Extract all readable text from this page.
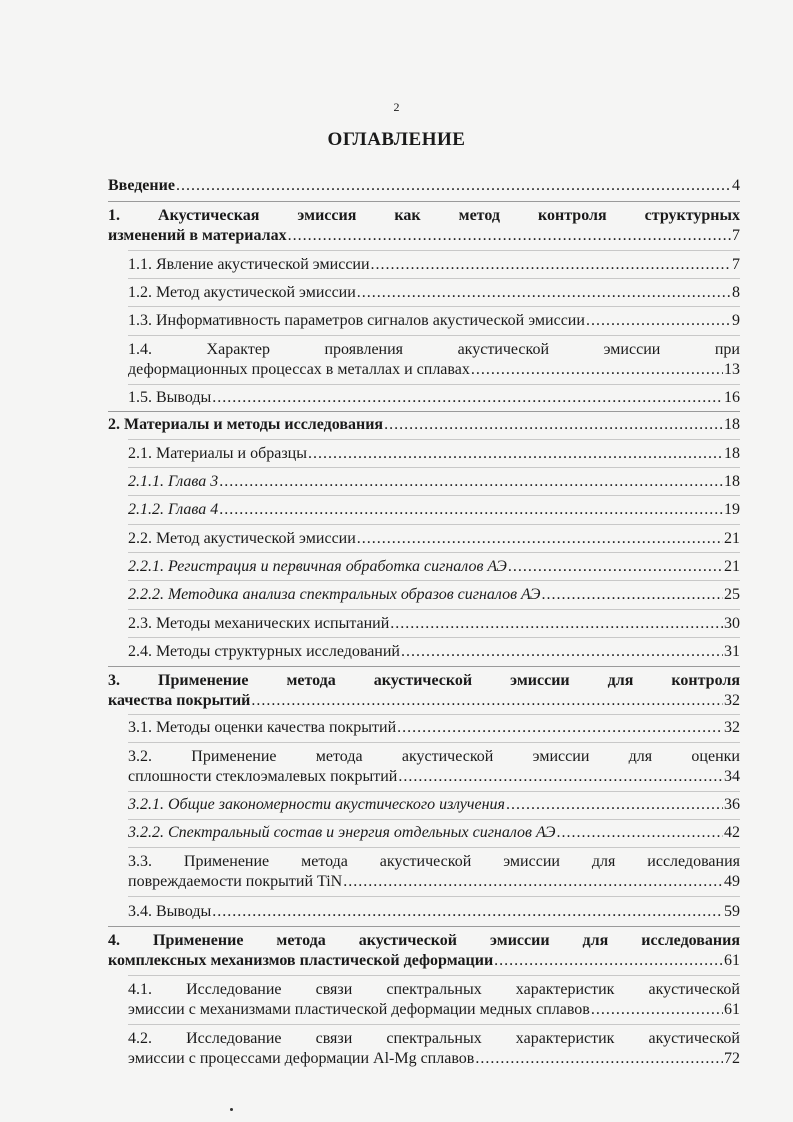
2
ОГЛАВЛЕНИЕ
Введение .....	4
1. Акустическая эмиссия как метод контроля структурных
изменений в материалах .....	7
1.1. Явление акустической эмиссии .....	7
1.2. Метод акустической эмиссии .....	8
1.3. Информативность параметров сигналов акустической эмиссии .....	9
1.4. Характер проявления акустической эмиссии при
деформационных процессах в металлах и сплавах .....	13
1.5. Выводы .....	16
2. Материалы и методы исследования .....	18
2.1. Материалы и образцы .....	18
2.1.1. Глава 3 .....	18
2.1.2. Глава 4 .....	19
2.2. Метод акустической эмиссии .....	21
2.2.1. Регистрация и первичная обработка сигналов АЭ .....	21
2.2.2. Методика анализа спектральных образов сигналов АЭ .....	25
2.3. Методы механических испытаний .....	30
2.4. Методы структурных исследований .....	31
3. Применение метода акустической эмиссии для контроля
качества покрытий .....	32
3.1. Методы оценки качества покрытий .....	32
3.2. Применение метода акустической эмиссии для оценки
сплошности стеклоэмалевых покрытий .....	34
3.2.1. Общие закономерности акустического излучения .....	36
3.2.2. Спектральный состав и энергия отдельных сигналов АЭ .....	42
3.3. Применение метода акустической эмиссии для исследования
повреждаемости покрытий TiN .....	49
3.4. Выводы .....	59
4. Применение метода акустической эмиссии для исследования
комплексных механизмов пластической деформации .....	61
4.1. Исследование связи спектральных характеристик акустической
эмиссии с механизмами пластической деформации медных сплавов .....	61
4.2. Исследование связи спектральных характеристик акустической
эмиссии с процессами деформации Al-Mg сплавов .....	72
